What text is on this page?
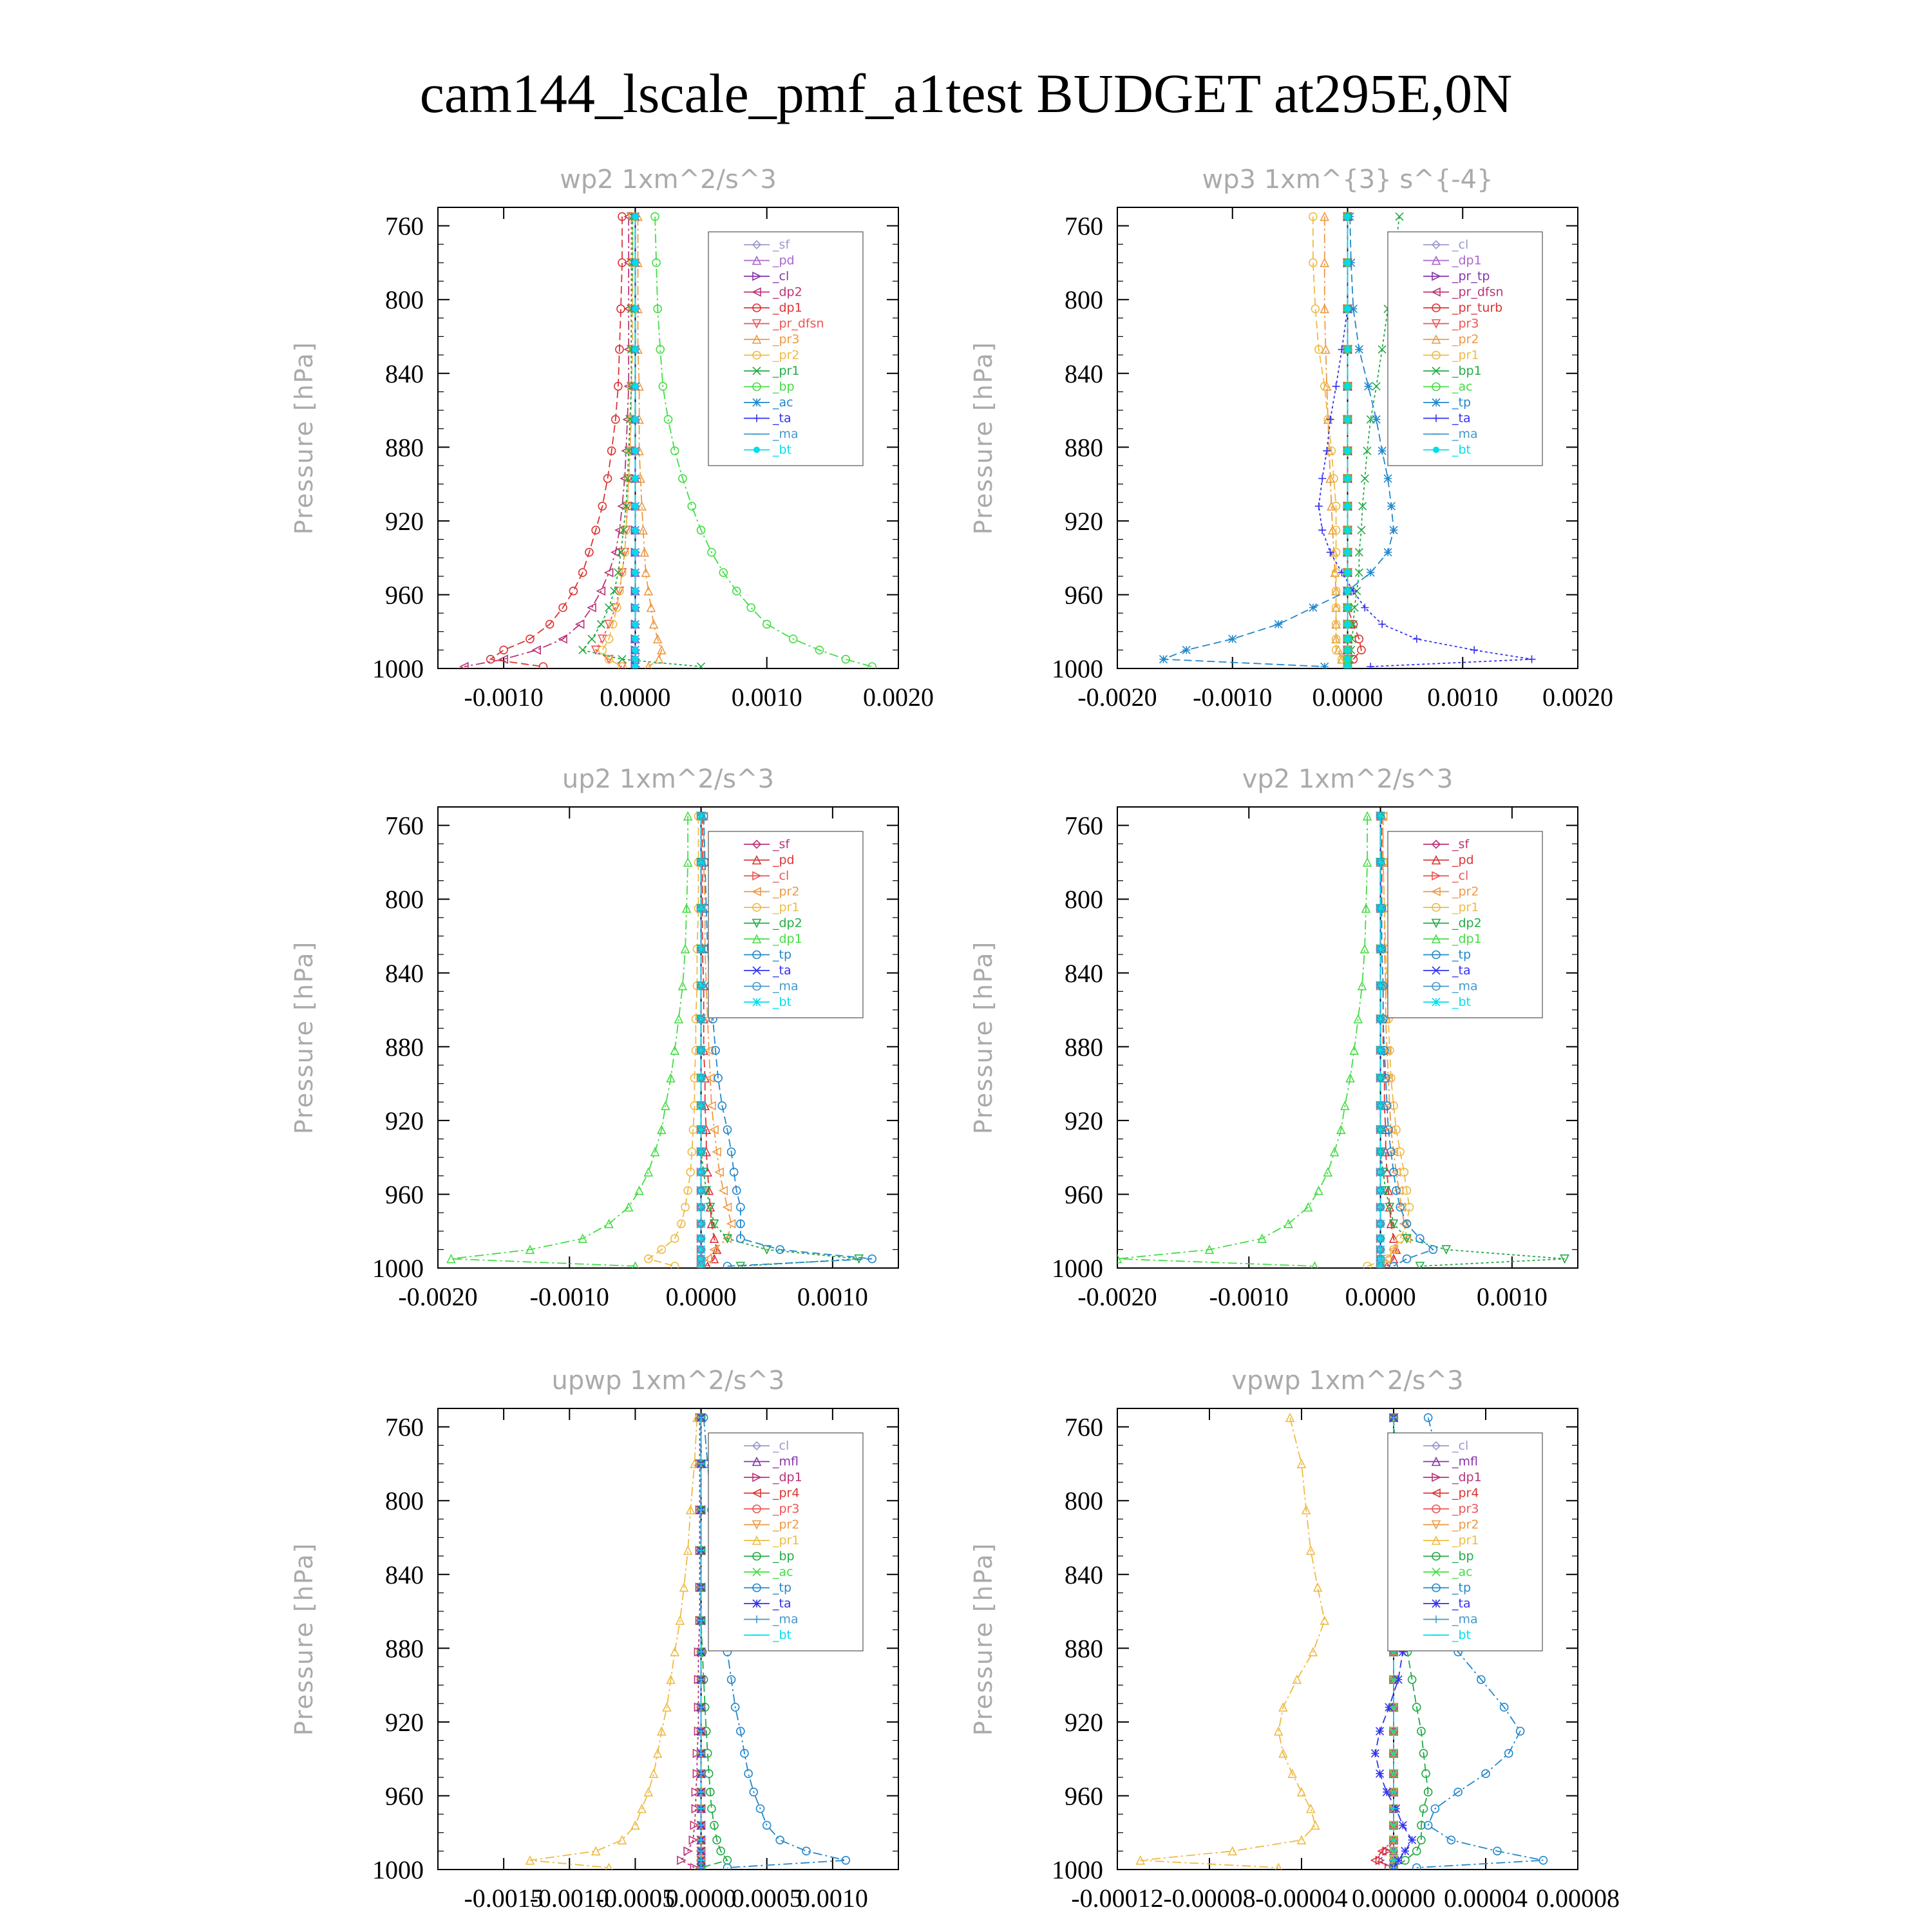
cam144_lscale_pmf_a1test BUDGET at295E,0N
wp2 1xm^2/s^3
Pressure [hPa]
760
800
840
880
920
960
1000
-0.0010 0.0000 0.0010 0.0020
_sf
_pd
_cl
_dp2
_dp1
_pr_dfsn
_pr3
_pr2
_pr1
_bp
_ac
_ta
_ma
_bt
wp3 1xm^{3} s^{-4}
Pressure [hPa]
760
800
840
880
920
960
1000
-0.0020 -0.0010 0.0000 0.0010 0.0020
_cl
_dp1
_pr_tp
_pr_dfsn
_pr_turb
_pr3
_pr2
_pr1
_bp1
_ac
_tp
_ta
_ma
_bt
up2 1xm^2/s^3
Pressure [hPa]
760
800
840
880
920
960
1000
-0.0020 -0.0010 0.0000 0.0010
_sf
_pd
_cl
_pr2
_pr1
_dp2
_dp1
_tp
_ta
_ma
_bt
vp2 1xm^2/s^3
Pressure [hPa]
760
800
840
880
920
960
1000
-0.0020 -0.0010 0.0000 0.0010
_sf
_pd
_cl
_pr2
_pr1
_dp2
_dp1
_tp
_ta
_ma
_bt
upwp 1xm^2/s^3
Pressure [hPa]
760
800
840
880
920
960
1000
-0.0015
-0.0010
-0.0005
0.0000
0.0005
0.0010
_cl
_mfl
_dp1
_pr4
_pr3
_pr2
_pr1
_bp
_ac
_tp
_ta
_ma
_bt
vpwp 1xm^2/s^3
Pressure [hPa]
760
800
840
880
920
960
1000
-0.00012 -0.00008 -0.00004 0.00000 0.00004 0.00008
_cl
_mfl
_dp1
_pr4
_pr3
_pr2
_pr1
_bp
_ac
_tp
_ta
_ma
_bt
